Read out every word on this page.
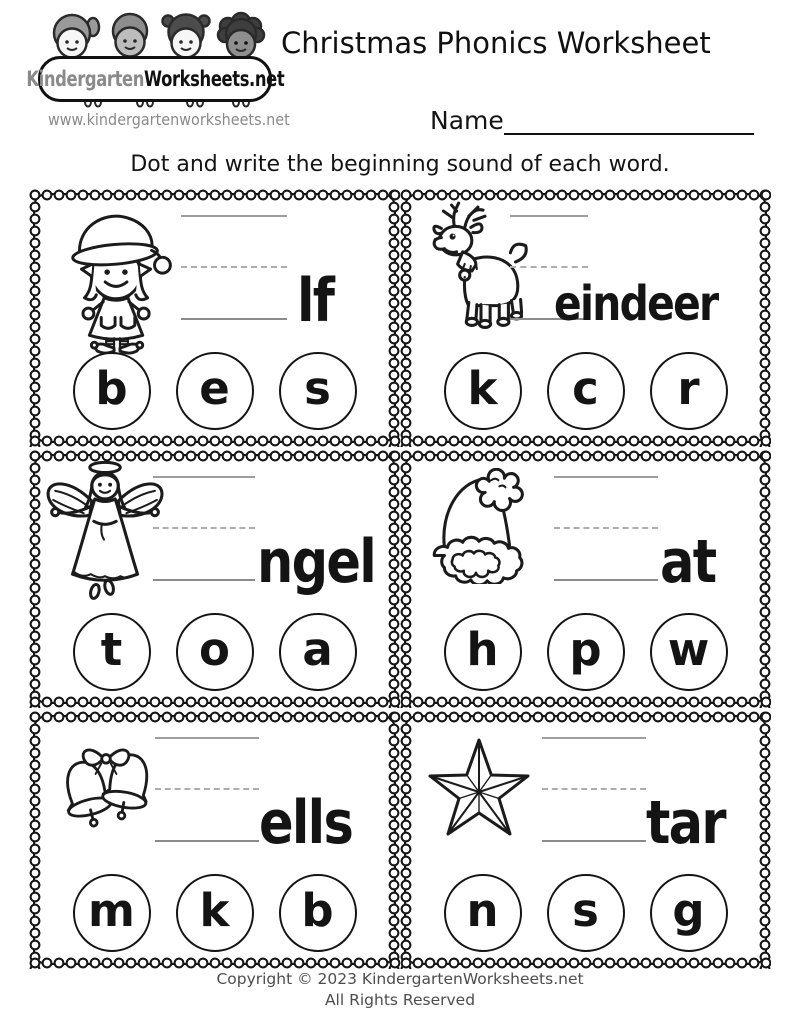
KindergartenWorksheets.net
www.kindergartenworksheets.net
Christmas Phonics Worksheet
Name
Dot and write the beginning sound of each word.
lf
b	e	s
eindeer
k	c	r
ngel
t	o	a
at
h	p	w
ells
m	k	b
tar
n	s	g
Copyright © 2023 KindergartenWorksheets.net
All Rights Reserved
